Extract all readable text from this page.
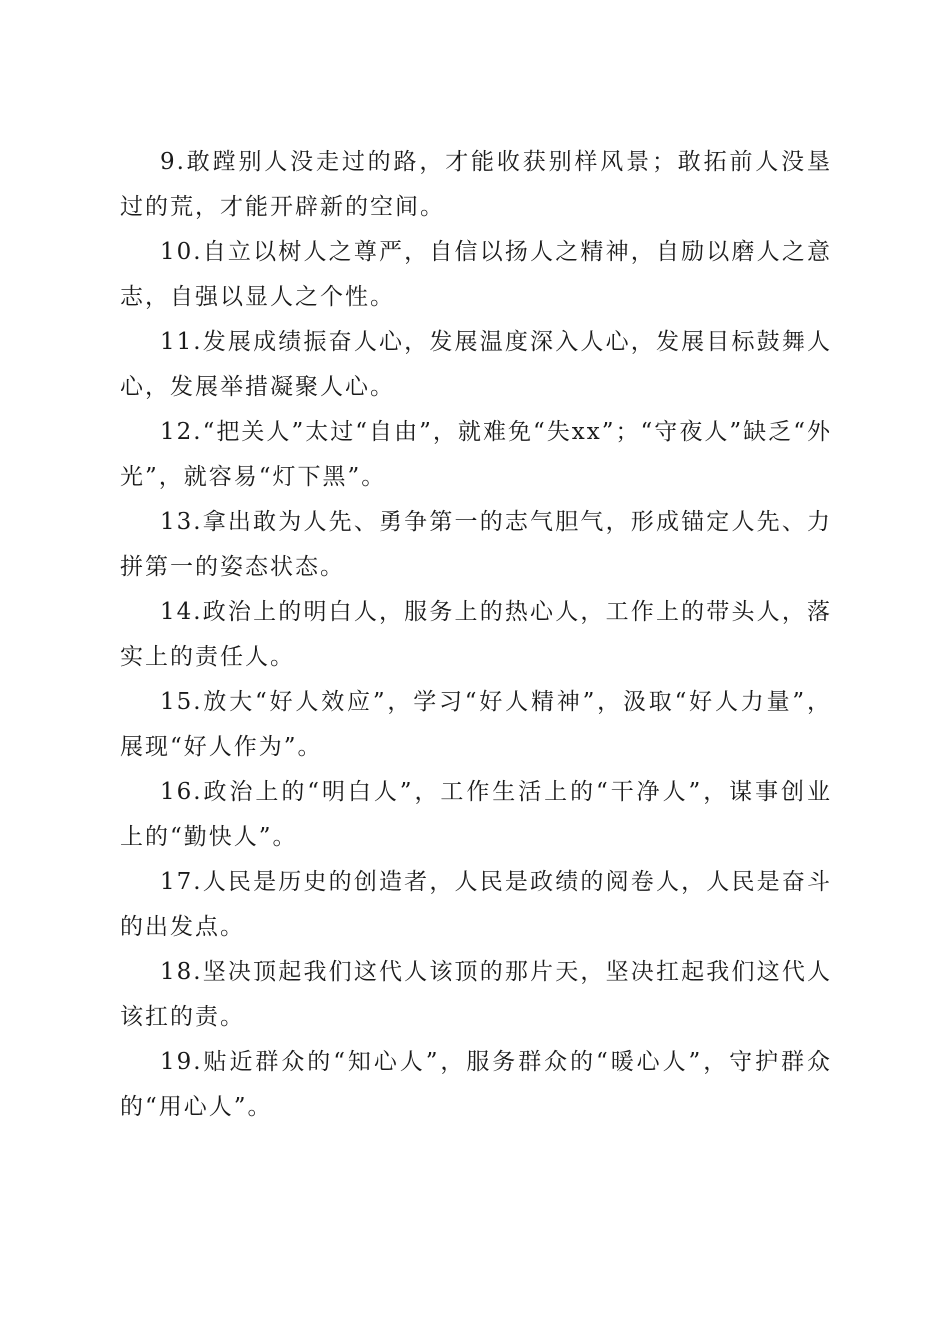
9.敢蹚别人没走过的路，才能收获别样风景；敢拓前人没垦过的荒，才能开辟新的空间。

10.自立以树人之尊严，自信以扬人之精神，自励以磨人之意志，自强以显人之个性。

11.发展成绩振奋人心，发展温度深入人心，发展目标鼓舞人心，发展举措凝聚人心。

12.“把关人”太过“自由”，就难免“失xx”；“守夜人”缺乏“外光”，就容易“灯下黑”。

13.拿出敢为人先、勇争第一的志气胆气，形成锚定人先、力拼第一的姿态状态。

14.政治上的明白人，服务上的热心人，工作上的带头人，落实上的责任人。

15.放大“好人效应”，学习“好人精神”，汲取“好人力量”，展现“好人作为”。

16.政治上的“明白人”，工作生活上的“干净人”，谋事创业上的“勤快人”。

17.人民是历史的创造者，人民是政绩的阅卷人，人民是奋斗的出发点。

18.坚决顶起我们这代人该顶的那片天，坚决扛起我们这代人该扛的责。

19.贴近群众的“知心人”，服务群众的“暖心人”，守护群众的“用心人”。
